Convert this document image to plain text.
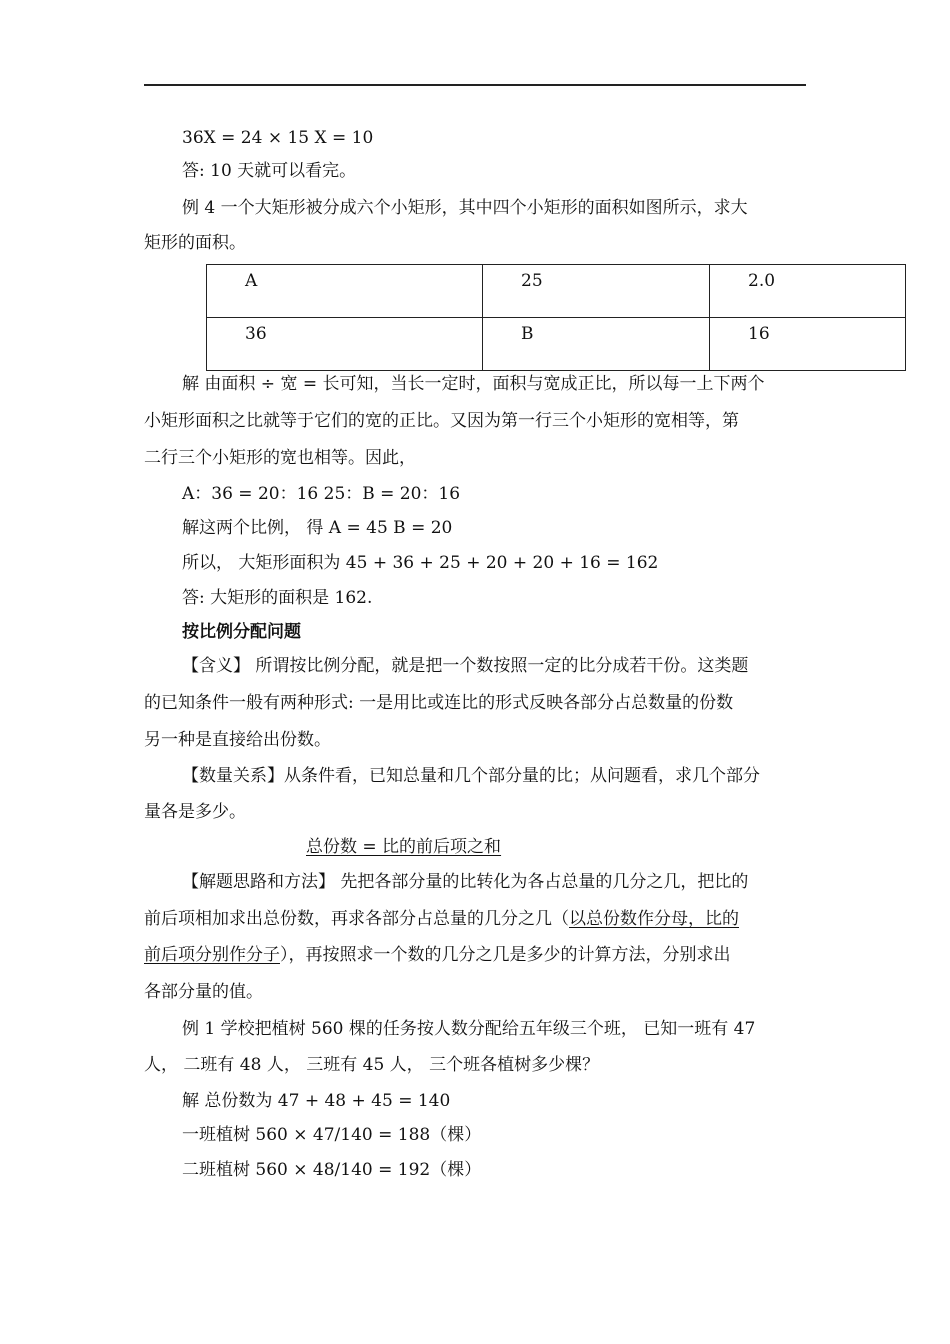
36X = 24 × 15 X = 10
答: 10 天就可以看完。
例 4 一个大矩形被分成六个小矩形，其中四个小矩形的面积如图所示，求大
矩形的面积。
A	25	2.0
36	B	16
解 由面积 ÷ 宽 = 长可知，当长一定时，面积与宽成正比，所以每一上下两个
小矩形面积之比就等于它们的宽的正比。又因为第一行三个小矩形的宽相等，第
二行三个小矩形的宽也相等。因此，
A：36 = 20：16 25：B = 20：16
解这两个比例， 得 A = 45 B = 20
所以， 大矩形面积为 45 + 36 + 25 + 20 + 20 + 16 = 162
答: 大矩形的面积是 162.
按比例分配问题
【含义】 所谓按比例分配，就是把一个数按照一定的比分成若干份。这类题
的已知条件一般有两种形式: 一是用比或连比的形式反映各部分占总数量的份数
另一种是直接给出份数。
【数量关系】从条件看，已知总量和几个部分量的比；从问题看，求几个部分
量各是多少。
总份数 = 比的前后项之和
【解题思路和方法】 先把各部分量的比转化为各占总量的几分之几，把比的
前后项相加求出总份数，再求各部分占总量的几分之几（以总份数作分母，比的
前后项分别作分子），再按照求一个数的几分之几是多少的计算方法，分别求出
各部分量的值。
例 1 学校把植树 560 棵的任务按人数分配给五年级三个班， 已知一班有 47
人， 二班有 48 人， 三班有 45 人， 三个班各植树多少棵？
解 总份数为 47 + 48 + 45 = 140
一班植树 560 × 47/140 = 188（棵）
二班植树 560 × 48/140 = 192（棵）
